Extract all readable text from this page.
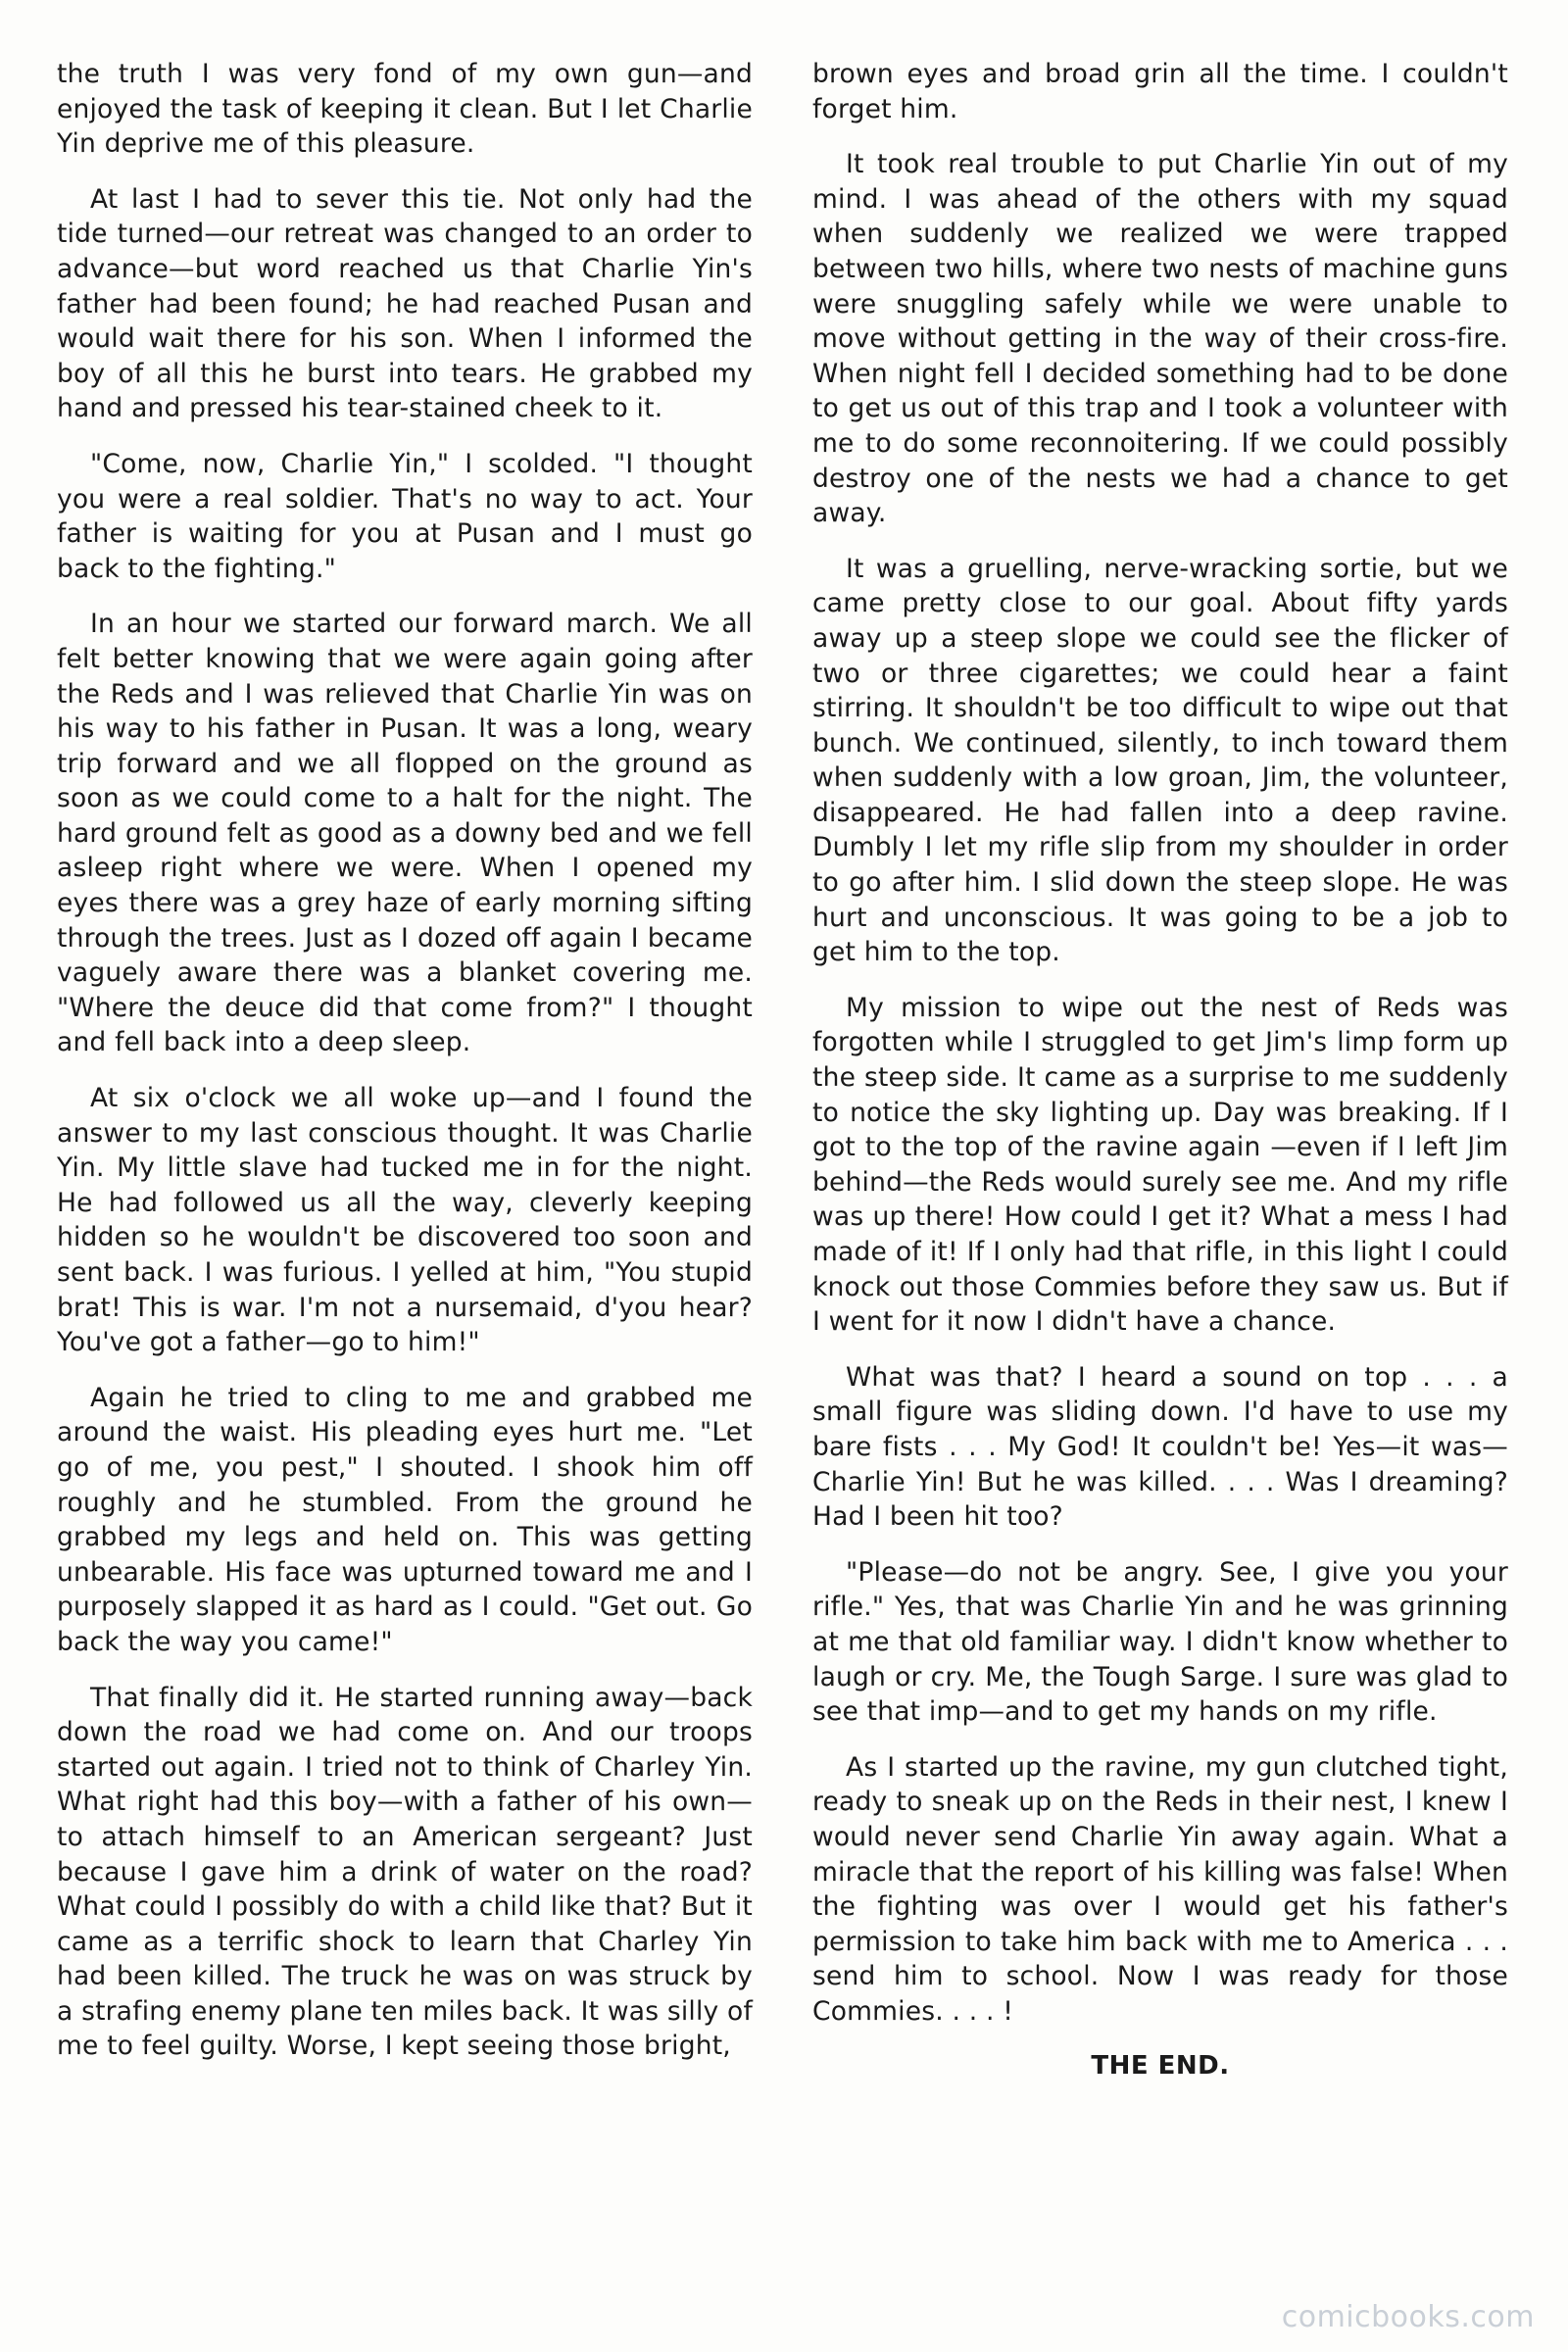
the truth I was very fond of my own gun—and enjoyed the task of keeping it clean. But I let Charlie Yin deprive me of this pleasure.

At last I had to sever this tie. Not only had the tide turned—our retreat was changed to an order to advance—but word reached us that Charlie Yin's father had been found; he had reached Pusan and would wait there for his son. When I informed the boy of all this he burst into tears. He grabbed my hand and pressed his tear-stained cheek to it.

"Come, now, Charlie Yin," I scolded. "I thought you were a real soldier. That's no way to act. Your father is waiting for you at Pusan and I must go back to the fighting."

In an hour we started our forward march. We all felt better knowing that we were again going after the Reds and I was relieved that Charlie Yin was on his way to his father in Pusan. It was a long, weary trip forward and we all flopped on the ground as soon as we could come to a halt for the night. The hard ground felt as good as a downy bed and we fell asleep right where we were. When I opened my eyes there was a grey haze of early morning sifting through the trees. Just as I dozed off again I became vaguely aware there was a blanket covering me. "Where the deuce did that come from?" I thought and fell back into a deep sleep.

At six o'clock we all woke up—and I found the answer to my last conscious thought. It was Charlie Yin. My little slave had tucked me in for the night. He had followed us all the way, cleverly keeping hidden so he wouldn't be discovered too soon and sent back. I was furious. I yelled at him, "You stupid brat! This is war. I'm not a nursemaid, d'you hear? You've got a father—go to him!"

Again he tried to cling to me and grabbed me around the waist. His pleading eyes hurt me. "Let go of me, you pest," I shouted. I shook him off roughly and he stumbled. From the ground he grabbed my legs and held on. This was getting unbearable. His face was upturned toward me and I purposely slapped it as hard as I could. "Get out. Go back the way you came!"

That finally did it. He started running away—back down the road we had come on. And our troops started out again. I tried not to think of Charley Yin. What right had this boy—with a father of his own—to attach himself to an American sergeant? Just because I gave him a drink of water on the road? What could I possibly do with a child like that? But it came as a terrific shock to learn that Charley Yin had been killed. The truck he was on was struck by a strafing enemy plane ten miles back. It was silly of me to feel guilty. Worse, I kept seeing those bright,

brown eyes and broad grin all the time. I couldn't forget him.

It took real trouble to put Charlie Yin out of my mind. I was ahead of the others with my squad when suddenly we realized we were trapped between two hills, where two nests of machine guns were snuggling safely while we were unable to move without getting in the way of their cross-fire. When night fell I decided something had to be done to get us out of this trap and I took a volunteer with me to do some reconnoitering. If we could possibly destroy one of the nests we had a chance to get away.

It was a gruelling, nerve-wracking sortie, but we came pretty close to our goal. About fifty yards away up a steep slope we could see the flicker of two or three cigarettes; we could hear a faint stirring. It shouldn't be too difficult to wipe out that bunch. We continued, silently, to inch toward them when suddenly with a low groan, Jim, the volunteer, disappeared. He had fallen into a deep ravine. Dumbly I let my rifle slip from my shoulder in order to go after him. I slid down the steep slope. He was hurt and unconscious. It was going to be a job to get him to the top.

My mission to wipe out the nest of Reds was forgotten while I struggled to get Jim's limp form up the steep side. It came as a surprise to me suddenly to notice the sky lighting up. Day was breaking. If I got to the top of the ravine again —even if I left Jim behind—the Reds would surely see me. And my rifle was up there! How could I get it? What a mess I had made of it! If I only had that rifle, in this light I could knock out those Commies before they saw us. But if I went for it now I didn't have a chance.

What was that? I heard a sound on top . . . a small figure was sliding down. I'd have to use my bare fists . . . My God! It couldn't be! Yes—it was—Charlie Yin! But he was killed. . . . Was I dreaming? Had I been hit too?

"Please—do not be angry. See, I give you your rifle." Yes, that was Charlie Yin and he was grinning at me that old familiar way. I didn't know whether to laugh or cry. Me, the Tough Sarge. I sure was glad to see that imp—and to get my hands on my rifle.

As I started up the ravine, my gun clutched tight, ready to sneak up on the Reds in their nest, I knew I would never send Charlie Yin away again. What a miracle that the report of his killing was false! When the fighting was over I would get his father's permission to take him back with me to America . . . send him to school. Now I was ready for those Commies. . . . !

THE END.
comicbooks.com
